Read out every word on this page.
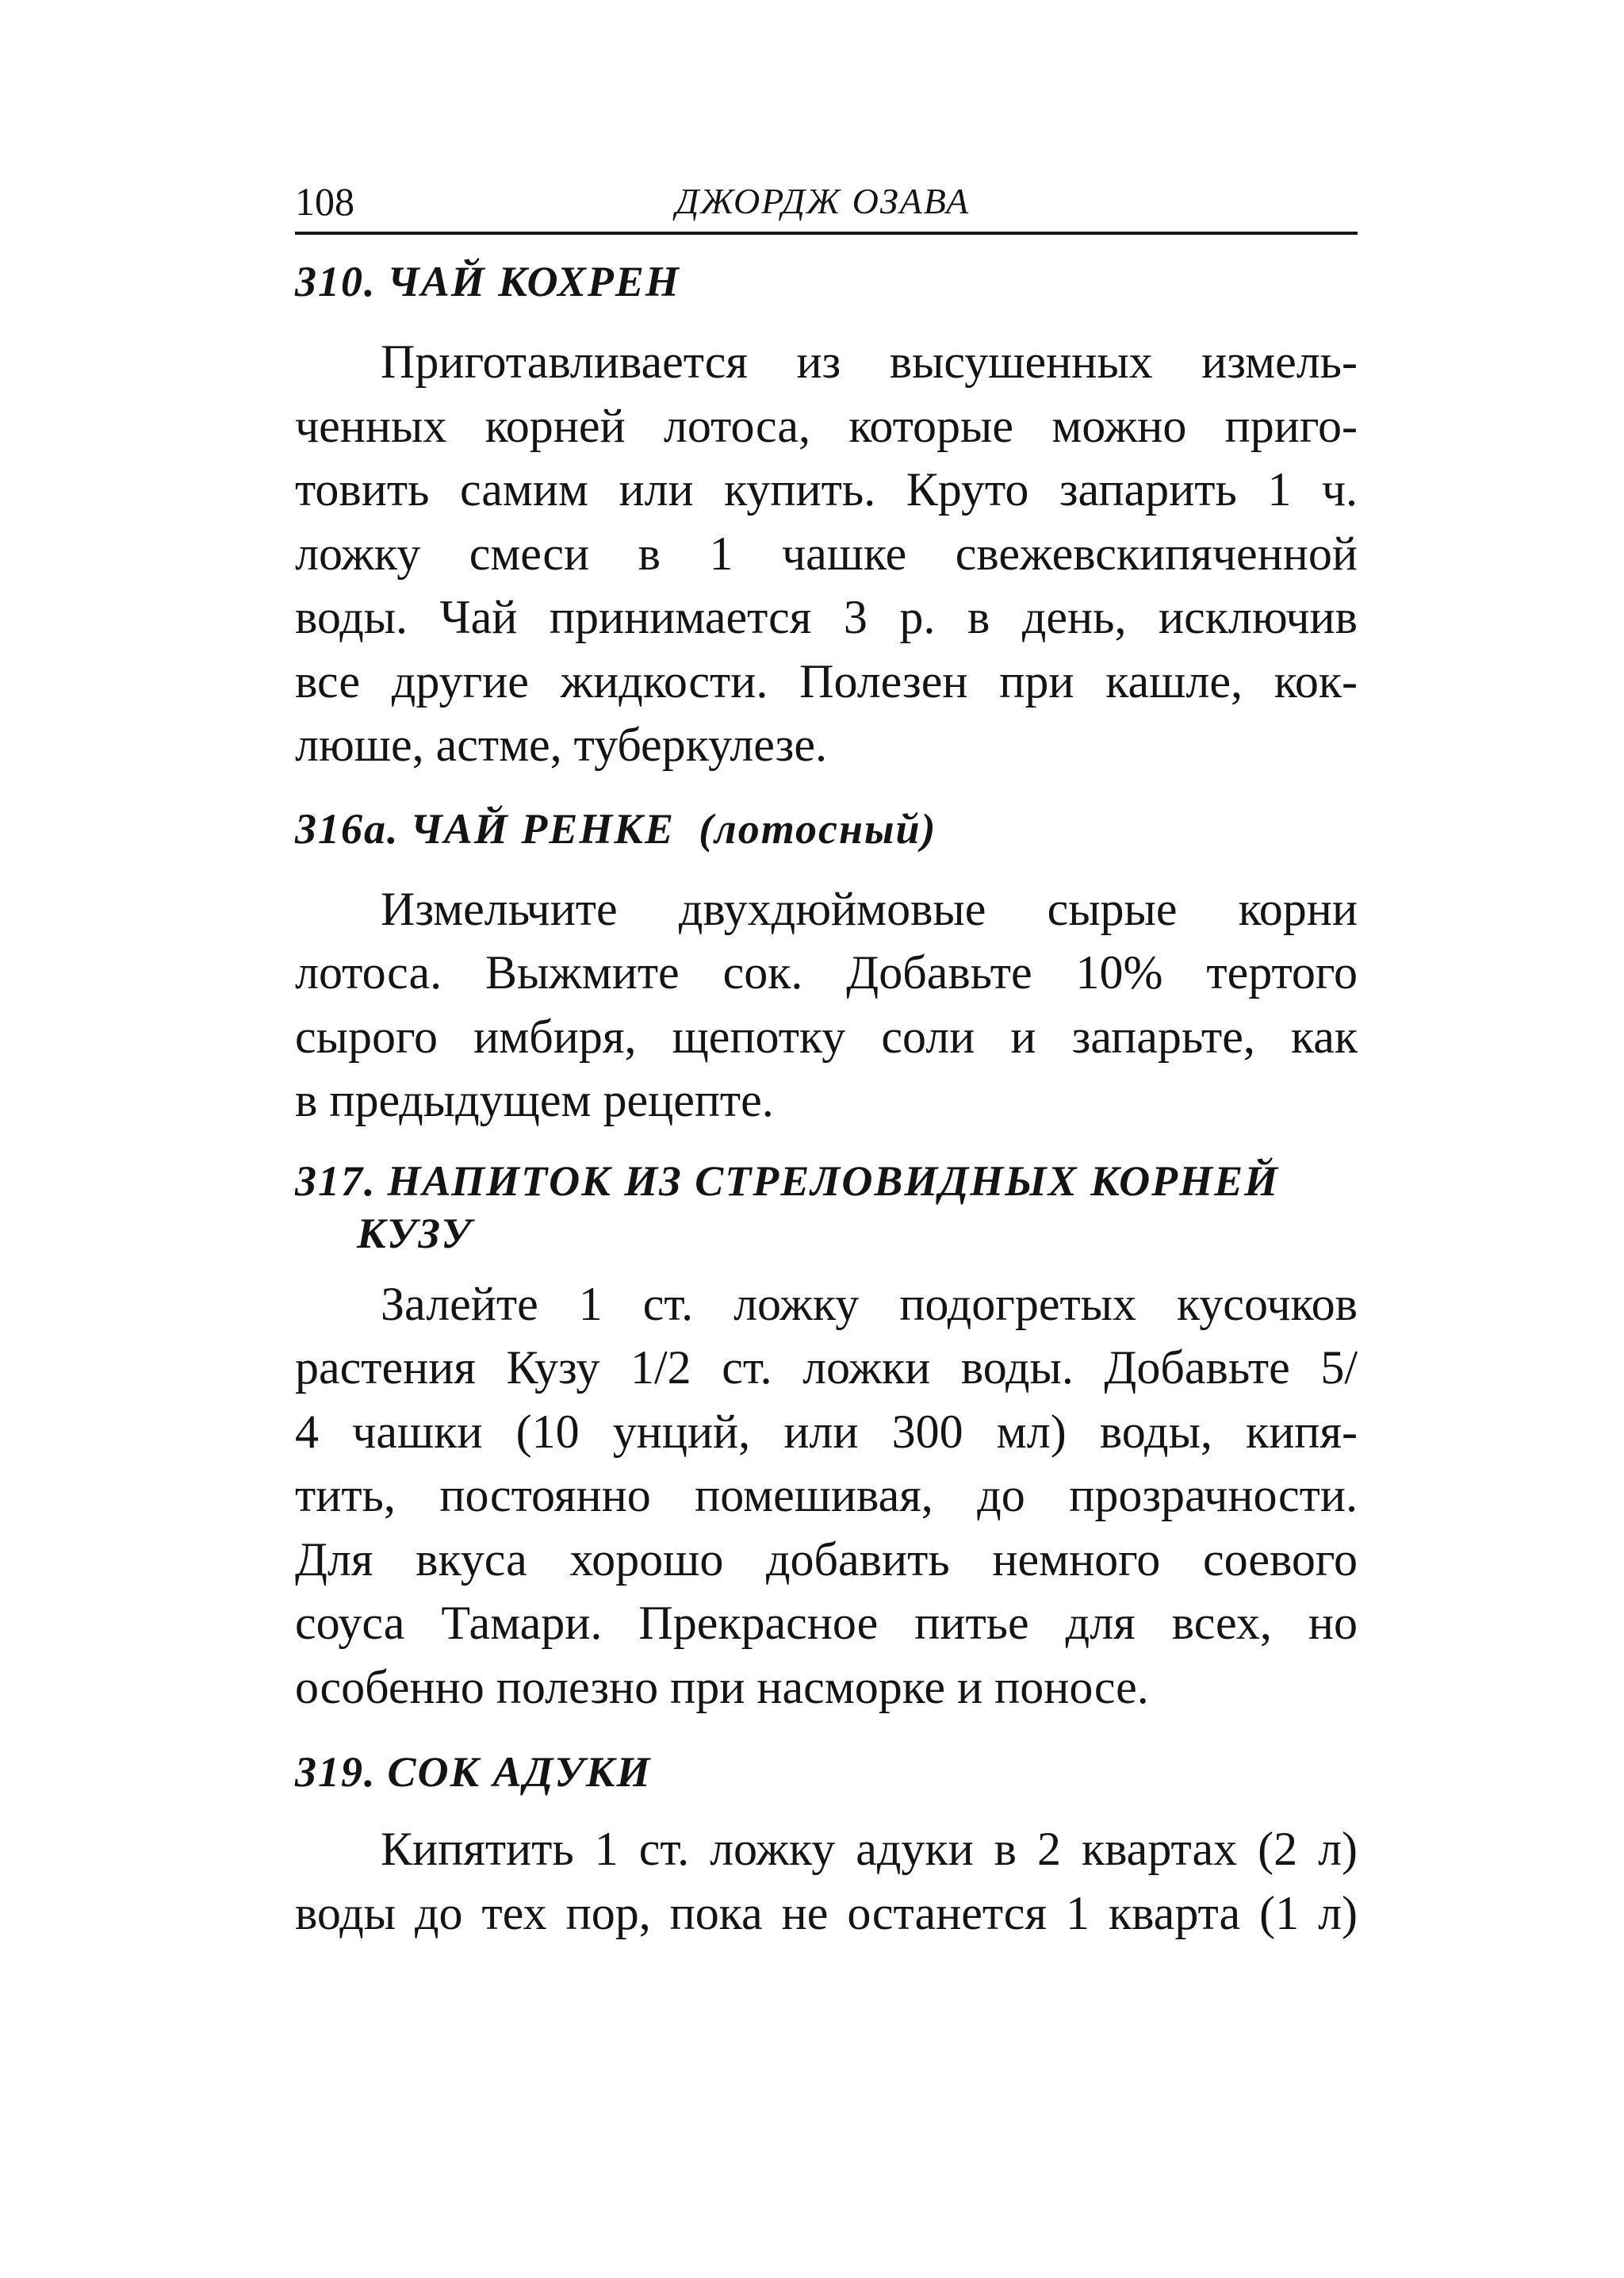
108	ДЖОРДЖ ОЗАВА
310. ЧАЙ КОХРЕН

Приготавливается из высушенных измель-
ченных корней лотоса, которые можно приго-
товить самим или купить. Круто запарить 1 ч.
ложку смеси в 1 чашке свежевскипяченной
воды. Чай принимается 3 р. в день, исключив
все другие жидкости. Полезен при кашле, кок-
люше, астме, туберкулезе.

316а. ЧАЙ РЕНКЕ (лотосный)

Измельчите двухдюймовые сырые корни
лотоса. Выжмите сок. Добавьте 10% тертого
сырого имбиря, щепотку соли и запарьте, как
в предыдущем рецепте.

317. НАПИТОК ИЗ СТРЕЛОВИДНЫХ КОРНЕЙ
КУЗУ

Залейте 1 ст. ложку подогретых кусочков
растения Кузу 1/2 ст. ложки воды. Добавьте 5/
4 чашки (10 унций, или 300 мл) воды, кипя-
тить, постоянно помешивая, до прозрачности.
Для вкуса хорошо добавить немного соевого
соуса Тамари. Прекрасное питье для всех, но
особенно полезно при насморке и поносе.

319. СОК АДУКИ

Кипятить 1 ст. ложку адуки в 2 квартах (2 л)
воды до тех пор, пока не останется 1 кварта (1 л)
